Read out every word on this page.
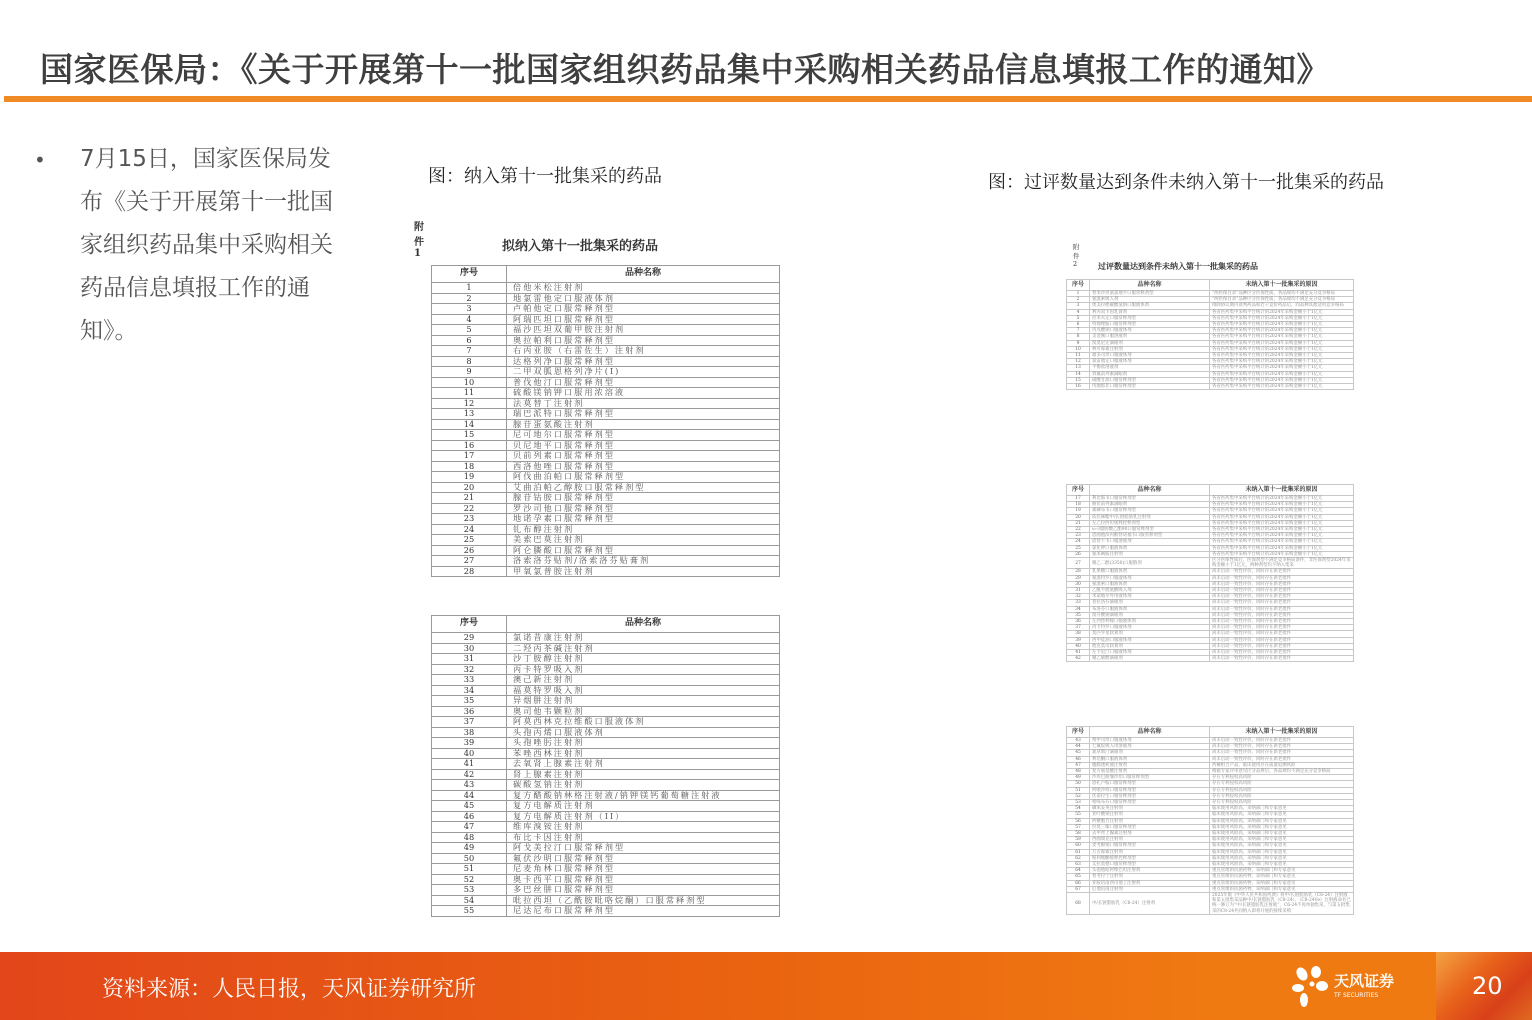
国家医保局：《关于开展第十一批国家组织药品集中采购相关药品信息填报工作的通知》
• 7月15日，国家医保局发布《关于开展第十一批国家组织药品集中采购相关药品信息填报工作的通知》。
图：纳入第十一批集采的药品
附件 1	拟纳入第十一批集采的药品
序号	品种名称
1	倍他米松注射剂
2	地氯雷他定口服液体剂
3	卢帕他定口服常释剂型
4	阿瑞匹坦口服常释剂型
5	福沙匹坦双葡甲胺注射剂
6	奥拉帕利口服常释剂型
7	右丙亚胺（右雷佐生）注射剂
8	达格列净口服常释剂型
9	二甲双胍恩格列净片(I)
10	普伐他汀口服常释剂型
11	硫酸镁钠钾口服用浓溶液
12	法莫替丁注射剂
13	瑞巴派特口服常释剂型
14	腺苷蛋氨酸注射剂
15	尼可地尔口服常释剂型
16	贝尼地平口服常释剂型
17	贝前列素口服常释剂型
18	西洛他唑口服常释剂型
19	阿伐曲泊帕口服常释剂型
20	艾曲泊帕乙醇胺口服常释剂型
21	腺苷钴胺口服常释剂型
22	罗沙司他口服常释剂型
23	地诺孕素口服常释剂型
24	钆布醇注射剂
25	美索巴莫注射剂
26	阿仑膦酸口服常释剂型
27	洛索洛芬贴剂/洛索洛芬贴膏剂
28	甲氧氯普胺注射剂
序号	品种名称
29	氯诺昔康注射剂
30	二羟丙茶碱注射剂
31	沙丁胺醇注射剂
32	丙卡特罗吸入剂
33	澳己新注射剂
34	福莫特罗吸入剂
35	异烟肼注射剂
36	奥司他韦颗粒剂
37	阿莫西林克拉维酸口服液体剂
38	头孢丙烯口服液体剂
39	头孢唑肟注射剂
40	苯唑西林注射剂
41	去氧肾上腺素注射剂
42	肾上腺素注射剂
43	碳酸氢钠注射剂
44	复方醋酸钠林格注射液/钠钾镁钙葡萄糖注射液
45	复方电解质注射剂
46	复方电解质注射剂（II）
47	维库溴铵注射剂
48	布比卡因注射剂
49	阿戈美拉汀口服常释剂型
50	氟伏沙明口服常释剂型
51	尼麦角林口服常释剂型
52	奥卡西平口服常释剂型
53	多巴丝肼口服常释剂型
54	吡拉西坦（乙酰胺吡咯烷酮）口服常释剂型
55	尼达尼布口服常释剂型
图：过评数量达到条件未纳入第十一批集采的药品
附件 2	过评数量达到条件未纳入第十一批集采的药品
序号	品种名称	未纳入第十一批集采的原因
1	替米沙坦氨氯地平口服常释剂型	“两医保目录”品种区分医保性质，各品规均不满足充分竞争格局
2	氨溴索吸入剂	“两医保目录”品种区分医保性质，各品规均不满足充分竞争格局
3	奥美拉唑碳酸氢钠口服液体剂	排除协议期内谈判药品和若干竞价药品后，同品种其他适用竞争格局
4	利丙双卡因乳膏剂	各省医药集中采购平台统计的2024年采购金额小于1亿元
5	拉米夫定口服常释剂型	各省医药集中采购平台统计的2024年采购金额小于1亿元
6	特地唑胺口服常释剂型	各省医药集中采购平台统计的2024年采购金额小于1亿元
7	丙戊酸钠口服液体剂	各省医药集中采购平台统计的2024年采购金额小于1亿元
8	美金刚口服溶液剂	各省医药集中采购平台统计的2024年采购金额小于1亿元
9	溴莫尼定滴眼剂	各省医药集中采购平台统计的2024年采购金额小于1亿元
10	林可霉素注射剂	各省医药集中采购平台统计的2024年采购金额小于1亿元
11	福多司坦口服液体剂	各省医药集中采购平台统计的2024年采购金额小于1亿元
12	氯雷他定口服液体剂	各省医药集中采购平台统计的2024年采购金额小于1亿元
13	平衡盐溶液剂	各省医药集中采购平台统计的2024年采购金额小于1亿元
14	效氟前列素滴眼剂	各省医药集中采购平台统计的2024年采购金额小于1亿元
15	硝酸甘油口服常释剂型	各省医药集中采购平台统计的2024年采购金额小于1亿元
16	伐地那非口服常释剂型	各省医药集中采购平台统计的2024年采购金额小于1亿元
序号	品种名称	未纳入第十一批集采的原因
17	利比那韦口服常释剂型	各省医药集中采购平台统计的2024年采购金额小于1亿元
18	曲伏前列素滴眼剂	各省医药集中采购平台统计的2024年采购金额小于1亿元
19	素磷布韦口服常释剂型	各省医药集中采购平台统计的2024年采购金额小于1亿元
20	依托咪酯中/长链脂肪乳注射剂	各省医药集中采购平台统计的2024年采购金额小于1亿元
21	左乙拉西坦缓释控释剂型	各省医药集中采购平台统计的2024年采购金额小于1亿元
22	ω-3脂肪酸乙酯90口服常释剂型	各省医药集中采购平台统计的2024年采购金额小于1亿元
23	恩曲他滨丙酚替诺福韦口服常释剂型	各省医药集中采购平台统计的2024年采购金额小于1亿元
24	恩替卡韦口服溶液剂	各省医药集中采购平台统计的2024年采购金额小于1亿元
25	氯化钾口服液体剂	各省医药集中采购平台统计的2024年采购金额小于1亿元
26	氨苯砜胺注射剂	各省医药集中采购平台统计的2024年采购金额小于1亿元
27	聚乙二醇(3350)口服散剂	区分医保性质后，医保剂型不满足竞争格局条件，非医保剂型2024年采购金额小于1亿元，两种剂型均不纳入集采
28	乳果糖口服液体剂	尚未启动一致性评价，同时存在新老批件
29	氨溴特罗口服液体剂	尚未启动一致性评价，同时存在新老批件
30	氨溴索口服液体剂	尚未启动一致性评价，同时存在新老批件
31	乙酰半胱氨酸吸入剂	尚未启动一致性评价，同时存在新老批件
32	米诺地尔外用液体剂	尚未启动一致性评价，同时存在新老批件
33	普拉洛芬滴眼剂	尚未启动一致性评价，同时存在新老批件
34	布洛芬口服液体剂	尚未启动一致性评价，同时存在新老批件
35	溴芬酸钠滴眼剂	尚未启动一致性评价，同时存在新老批件
36	左西替利嗪口服液体剂	尚未启动一致性评价，同时存在新老批件
37	丙卡特罗口服液体剂	尚未启动一致性评价，同时存在新老批件
38	莫匹罗星软膏剂	尚未启动一致性评价，同时存在新老批件
39	西甲硅油口服液体剂	尚未启动一致性评价，同时存在新老批件
40	他克莫司软膏剂	尚未启动一致性评价，同时存在新老批件
41	左卡尼汀口服液体剂	尚未启动一致性评价，同时存在新老批件
42	聚乙烯醇滴眼剂	尚未启动一致性评价，同时存在新老批件
序号	品种名称	未纳入第十一批集采的原因
43	羧甲司坦口服液体剂	尚未启动一致性评价，同时存在新老批件
44	七氟烷吸入用溶液剂	尚未启动一致性评价，同时存在新老批件
45	氮草斯汀滴眼剂	尚未启动一致性评价，同时存在新老批件
46	利培酮口服液体剂	尚未启动一致性评价，同时存在新老批件
47	腹膜透析液注射剂	药械组合产品，临床使用存在质量追溯风险
48	复方氨基酸注射剂	根据专家评审意见区分品规后，各品规均不满足充分竞争格局
49	沙库巴曲缬沙坦口服常释剂型	存在专利侵权高风险
50	恩扎卢胺口服常释剂型	存在专利侵权高风险
51	阿哌沙班口服常释剂型	存在专利侵权高风险
52	伏诺拉生口服常释剂型	存在专利侵权高风险
53	吲哚布芬口服常释剂型	存在专利侵权高风险
54	磷苯妥英注射剂	临床使用风险高，采纳部门和专家意见
55	亚叶酸钠注射剂	临床使用风险高，采纳部门和专家意见
56	阿糖胞苷注射剂	临床使用风险高，采纳部门和专家意见
57	拉莫三嗪口服常释剂型	临床使用风险高，采纳部门和专家意见
58	去甲肾上腺素注射剂	临床使用风险高，采纳部门和专家意见
59	西曲瑞克注射剂	临床使用风险高，采纳部门和专家意见
60	麦考酚钠口服常释剂型	临床使用风险高，采纳部门和专家意见
61	万古霉素注射剂	临床使用风险高，采纳部门和专家意见
62	帕利哌酮缓释控释剂型	临床使用风险高，采纳部门和专家意见
63	艾拉莫德口服常释剂型	临床使用风险高，采纳部门和专家意见
64	头孢他啶阿维巴坦注射剂	重点管理的抗菌药物，采纳部门和专家意见
65	替考拉宁注射剂	重点管理的抗菌药物，采纳部门和专家意见
66	亚胺培南西司他丁注射剂	重点管理的抗菌药物，采纳部门和专家意见
67	厄他培南注射剂	重点管理的抗菌药物，采纳部门和专家意见
68	中/长链脂肪乳（C6-24）注射剂	2025年版《中华人民共和国药典》将中/长链脂肪乳（C6-24）注射液和第五批集采品种中/长链脂肪乳（C8-24）、（C8-24Ve）注射液命名已统一修订为“中/长链脂肪乳注射液”，C6-24不再单独集采，与第五批集采的C8-24共同纳入即将开展的接续采购
资料来源：人民日报，天风证券研究所	天风证券
TF SECURITIES	20
